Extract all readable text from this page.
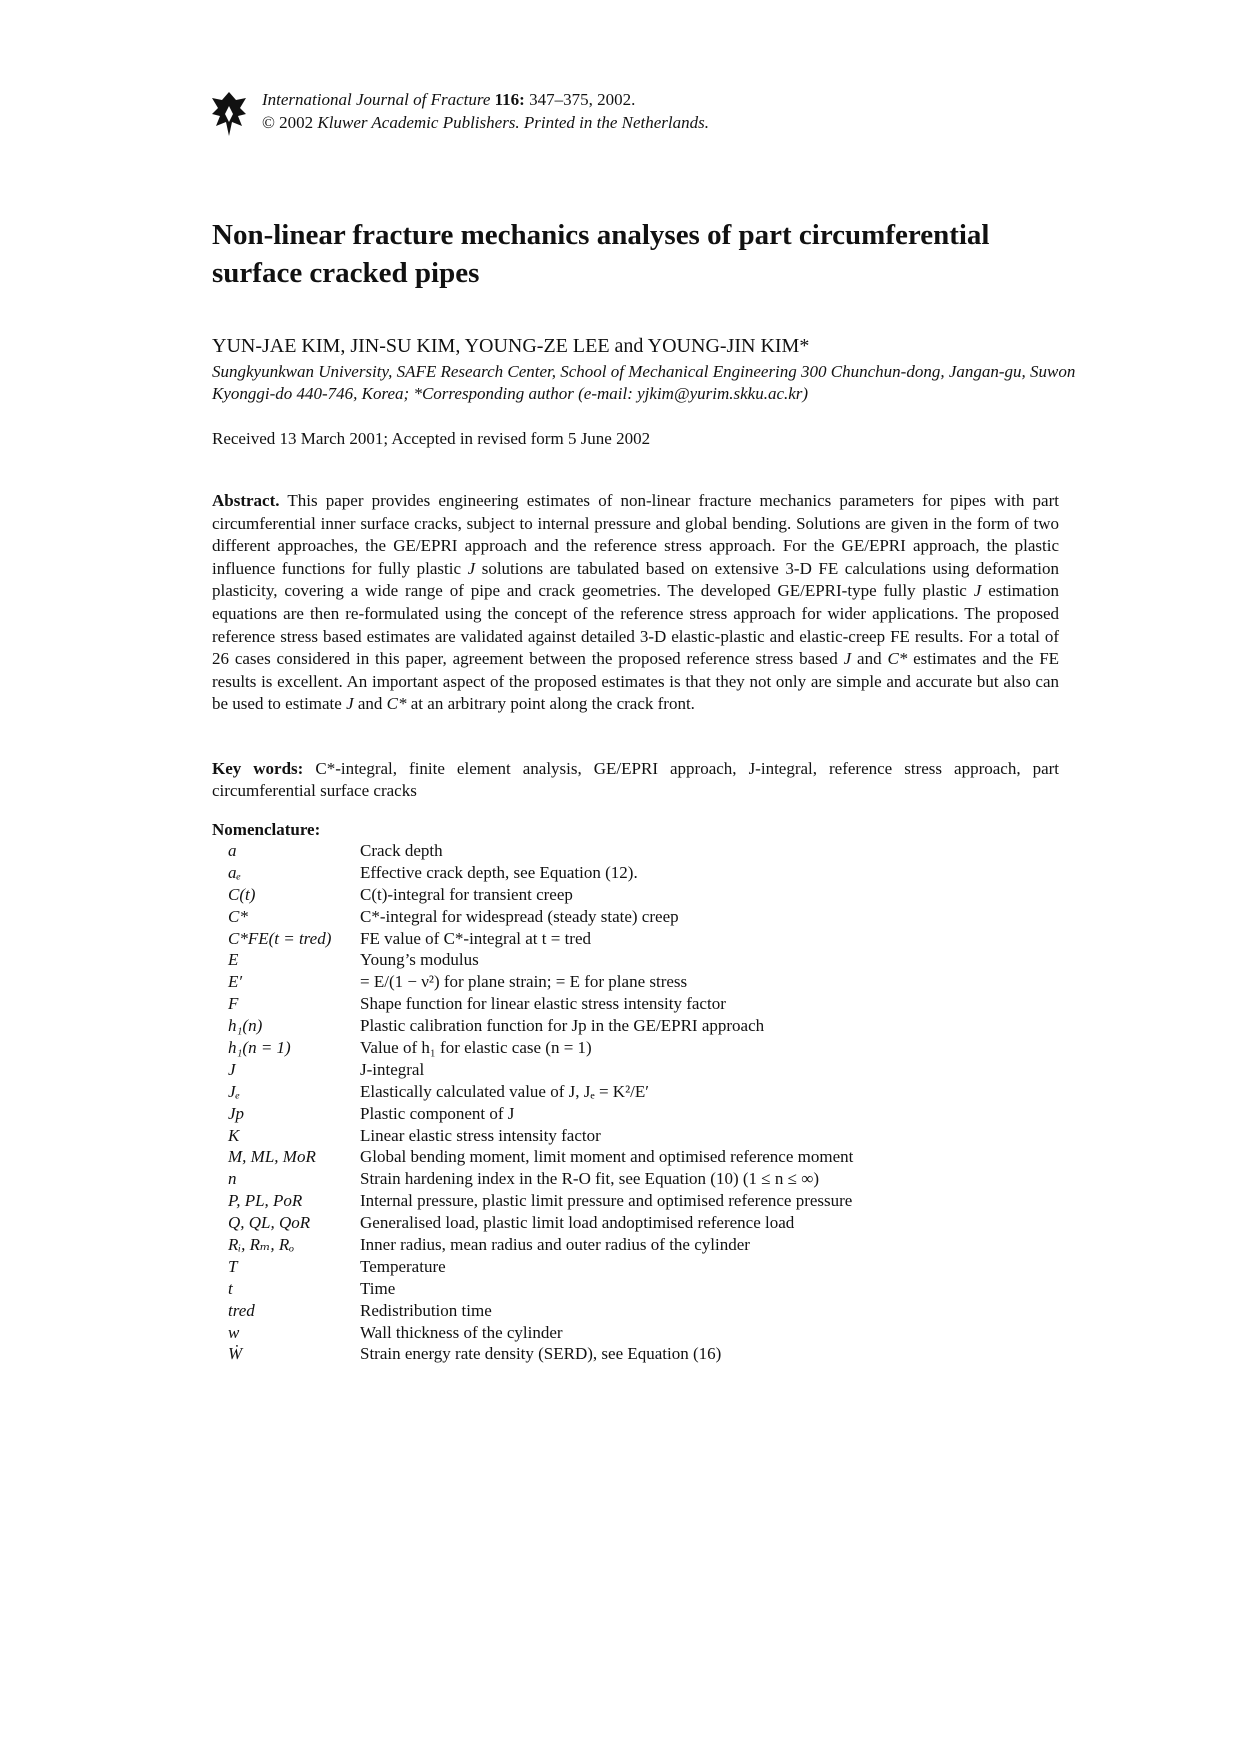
International Journal of Fracture 116: 347–375, 2002.
© 2002 Kluwer Academic Publishers. Printed in the Netherlands.
Non-linear fracture mechanics analyses of part circumferential surface cracked pipes
YUN-JAE KIM, JIN-SU KIM, YOUNG-ZE LEE and YOUNG-JIN KIM*
Sungkyunkwan University, SAFE Research Center, School of Mechanical Engineering 300 Chunchun-dong, Jangan-gu, Suwon Kyonggi-do 440-746, Korea; *Corresponding author (e-mail: yjkim@yurim.skku.ac.kr)
Received 13 March 2001; Accepted in revised form 5 June 2002

Abstract. This paper provides engineering estimates of non-linear fracture mechanics parameters for pipes with part circumferential inner surface cracks, subject to internal pressure and global bending. Solutions are given in the form of two different approaches, the GE/EPRI approach and the reference stress approach. For the GE/EPRI approach, the plastic influence functions for fully plastic J solutions are tabulated based on extensive 3-D FE calculations using deformation plasticity, covering a wide range of pipe and crack geometries. The developed GE/EPRI-type fully plastic J estimation equations are then re-formulated using the concept of the reference stress approach for wider applications. The proposed reference stress based estimates are validated against detailed 3-D elastic-plastic and elastic-creep FE results. For a total of 26 cases considered in this paper, agreement between the proposed reference stress based J and C* estimates and the FE results is excellent. An important aspect of the proposed estimates is that they not only are simple and accurate but also can be used to estimate J and C* at an arbitrary point along the crack front.

Key words: C*-integral, finite element analysis, GE/EPRI approach, J-integral, reference stress approach, part circumferential surface cracks

Nomenclature:
a	Crack depth
aₑ	Effective crack depth, see Equation (12).
C(t)	C(t)-integral for transient creep
C*	C*-integral for widespread (steady state) creep
C*FE(t = tred)	FE value of C*-integral at t = tred
E	Young’s modulus
E′	= E/(1 − ν²) for plane strain; = E for plane stress
F	Shape function for linear elastic stress intensity factor
h₁(n)	Plastic calibration function for Jp in the GE/EPRI approach
h₁(n = 1)	Value of h₁ for elastic case (n = 1)
J	J-integral
Jₑ	Elastically calculated value of J, Jₑ = K²/E′
Jp	Plastic component of J
K	Linear elastic stress intensity factor
M, ML, MoR	Global bending moment, limit moment and optimised reference moment
n	Strain hardening index in the R-O fit, see Equation (10) (1 ≤ n ≤ ∞)
P, PL, PoR	Internal pressure, plastic limit pressure and optimised reference pressure
Q, QL, QoR	Generalised load, plastic limit load andoptimised reference load
Rᵢ, Rₘ, Rₒ	Inner radius, mean radius and outer radius of the cylinder
T	Temperature
t	Time
tred	Redistribution time
w	Wall thickness of the cylinder
Ẇ	Strain energy rate density (SERD), see Equation (16)
